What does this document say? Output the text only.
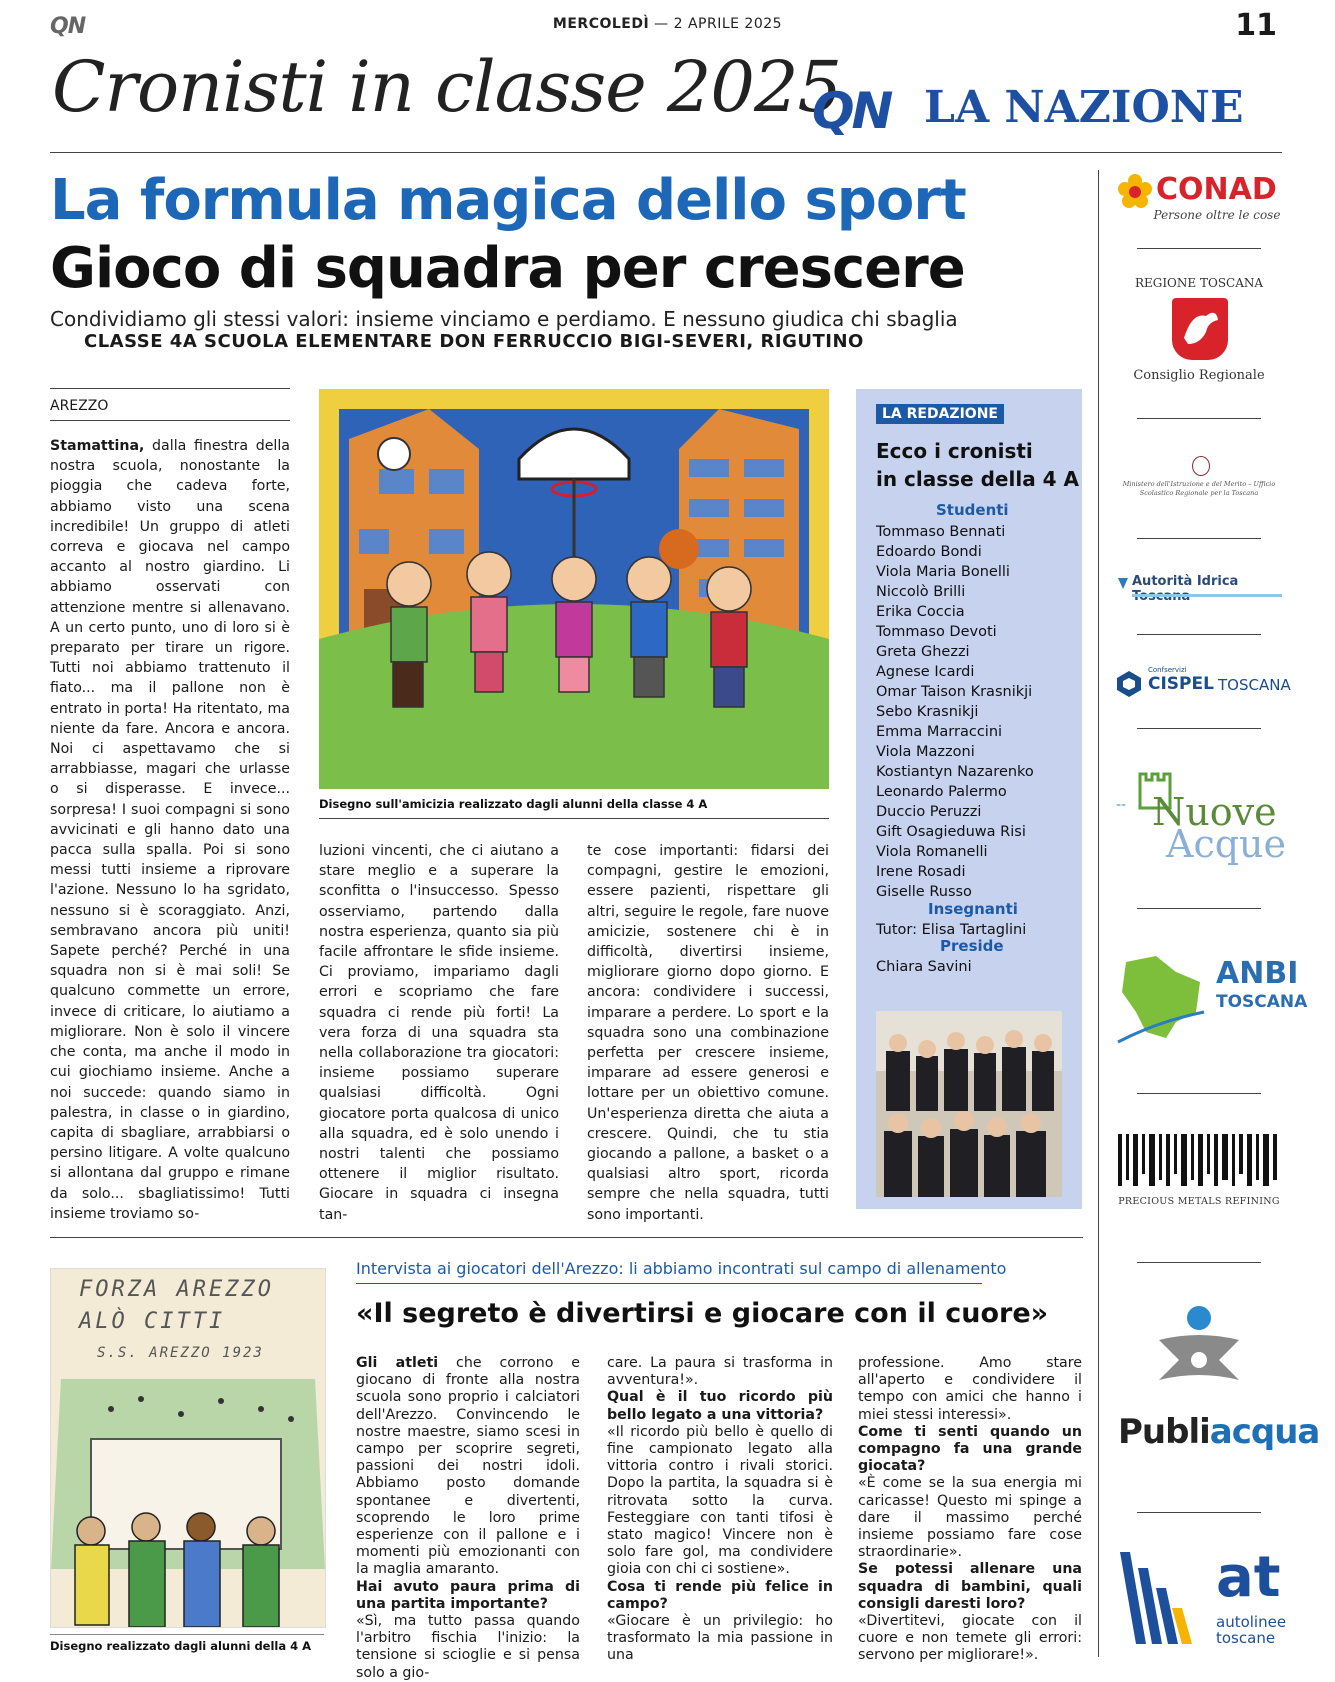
QN	MERCOLEDÌ — 2 APRILE 2025	11
Cronisti in classe 2025
QN LA NAZIONE
La formula magica dello sport
Gioco di squadra per crescere
Condividiamo gli stessi valori: insieme vinciamo e perdiamo. E nessuno giudica chi sbaglia
CLASSE 4A SCUOLA ELEMENTARE DON FERRUCCIO BIGI-SEVERI, RIGUTINO
AREZZO

Stamattina, dalla finestra della nostra scuola, nonostante la pioggia che cadeva forte, abbiamo visto una scena incredibile! Un gruppo di atleti correva e giocava nel campo accanto al nostro giardino. Li abbiamo osservati con attenzione mentre si allenavano. A un certo punto, uno di loro si è preparato per tirare un rigore. Tutti noi abbiamo trattenuto il fiato... ma il pallone non è entrato in porta! Ha ritentato, ma niente da fare. Ancora e ancora. Noi ci aspettavamo che si arrabbiasse, magari che urlasse o si disperasse. E invece... sorpresa! I suoi compagni si sono avvicinati e gli hanno dato una pacca sulla spalla. Poi si sono messi tutti insieme a riprovare l'azione. Nessuno lo ha sgridato, nessuno si è scoraggiato. Anzi, sembravano ancora più uniti! Sapete perché? Perché in una squadra non si è mai soli! Se qualcuno commette un errore, invece di criticare, lo aiutiamo a migliorare. Non è solo il vincere che conta, ma anche il modo in cui giochiamo insieme. Anche a noi succede: quando siamo in palestra, in classe o in giardino, capita di sbagliare, arrabbiarsi o persino litigare. A volte qualcuno si allontana dal gruppo e rimane da solo... sbagliatissimo! Tutti insieme troviamo so-

Disegno sull'amicizia realizzato dagli alunni della classe 4 A

luzioni vincenti, che ci aiutano a stare meglio e a superare la sconfitta o l'insuccesso. Spesso osserviamo, partendo dalla nostra esperienza, quanto sia più facile affrontare le sfide insieme. Ci proviamo, impariamo dagli errori e scopriamo che fare squadra ci rende più forti! La vera forza di una squadra sta nella collaborazione tra giocatori: insieme possiamo superare qualsiasi difficoltà. Ogni giocatore porta qualcosa di unico alla squadra, ed è solo unendo i nostri talenti che possiamo ottenere il miglior risultato. Giocare in squadra ci insegna tan-

te cose importanti: fidarsi dei compagni, gestire le emozioni, essere pazienti, rispettare gli altri, seguire le regole, fare nuove amicizie, sostenere chi è in difficoltà, divertirsi insieme, migliorare giorno dopo giorno. E ancora: condividere i successi, imparare a perdere. Lo sport e la squadra sono una combinazione perfetta per crescere insieme, imparare ad essere generosi e lottare per un obiettivo comune. Un'esperienza diretta che aiuta a crescere. Quindi, che tu stia giocando a pallone, a basket o a qualsiasi altro sport, ricorda sempre che nella squadra, tutti sono importanti.

LA REDAZIONE
Ecco i cronisti
in classe della 4 A
Studenti
Tommaso Bennati
Edoardo Bondi
Viola Maria Bonelli
Niccolò Brilli
Erika Coccia
Tommaso Devoti
Greta Ghezzi
Agnese Icardi
Omar Taison Krasnikji
Sebo Krasnikji
Emma Marraccini
Viola Mazzoni
Kostiantyn Nazarenko
Leonardo Palermo
Duccio Peruzzi
Gift Osagieduwa Risi
Viola Romanelli
Irene Rosadi
Giselle Russo
Insegnanti
Tutor: Elisa Tartaglini
Preside
Chiara Savini
CONAD
Persone oltre le cose
REGIONE TOSCANA
Consiglio Regionale
Ministero dell'Istruzione e del Merito – Ufficio Scolastico Regionale per la Toscana
Autorità Idrica
Confservizi
CISPEL TOSCANA
≈≈ Nuove
Acque
ANBI
TOSCANA
PRECIOUS METALS REFINING
Publiacqua
at
autolinee
toscane
FORZA AREZZO
ALÒ CITTI
S.S. AREZZO 1923
Disegno realizzato dagli alunni della 4 A
Intervista ai giocatori dell'Arezzo: li abbiamo incontrati sul campo di allenamento
«Il segreto è divertirsi e giocare con il cuore»

Gli atleti che corrono e giocano di fronte alla nostra scuola sono proprio i calciatori dell'Arezzo. Convincendo le nostre maestre, siamo scesi in campo per scoprire segreti, passioni dei nostri idoli. Abbiamo posto domande spontanee e divertenti, scoprendo le loro prime esperienze con il pallone e i momenti più emozionanti con la maglia amaranto.

Hai avuto paura prima di una partita importante?

«Sì, ma tutto passa quando l'arbitro fischia l'inizio: la tensione si scioglie e si pensa solo a gio-

care. La paura si trasforma in avventura!».

Qual è il tuo ricordo più bello legato a una vittoria?

«Il ricordo più bello è quello di fine campionato legato alla vittoria contro i rivali storici. Dopo la partita, la squadra si è ritrovata sotto la curva. Festeggiare con tanti tifosi è stato magico! Vincere non è solo fare gol, ma condividere gioia con chi ci sostiene».

Cosa ti rende più felice in campo?

«Giocare è un privilegio: ho trasformato la mia passione in una

professione. Amo stare all'aperto e condividere il tempo con amici che hanno i miei stessi interessi».

Come ti senti quando un compagno fa una grande giocata?

«È come se la sua energia mi caricasse! Questo mi spinge a dare il massimo perché insieme possiamo fare cose straordinarie».

Se potessi allenare una squadra di bambini, quali consigli daresti loro?

«Divertitevi, giocate con il cuore e non temete gli errori: servono per migliorare!».
